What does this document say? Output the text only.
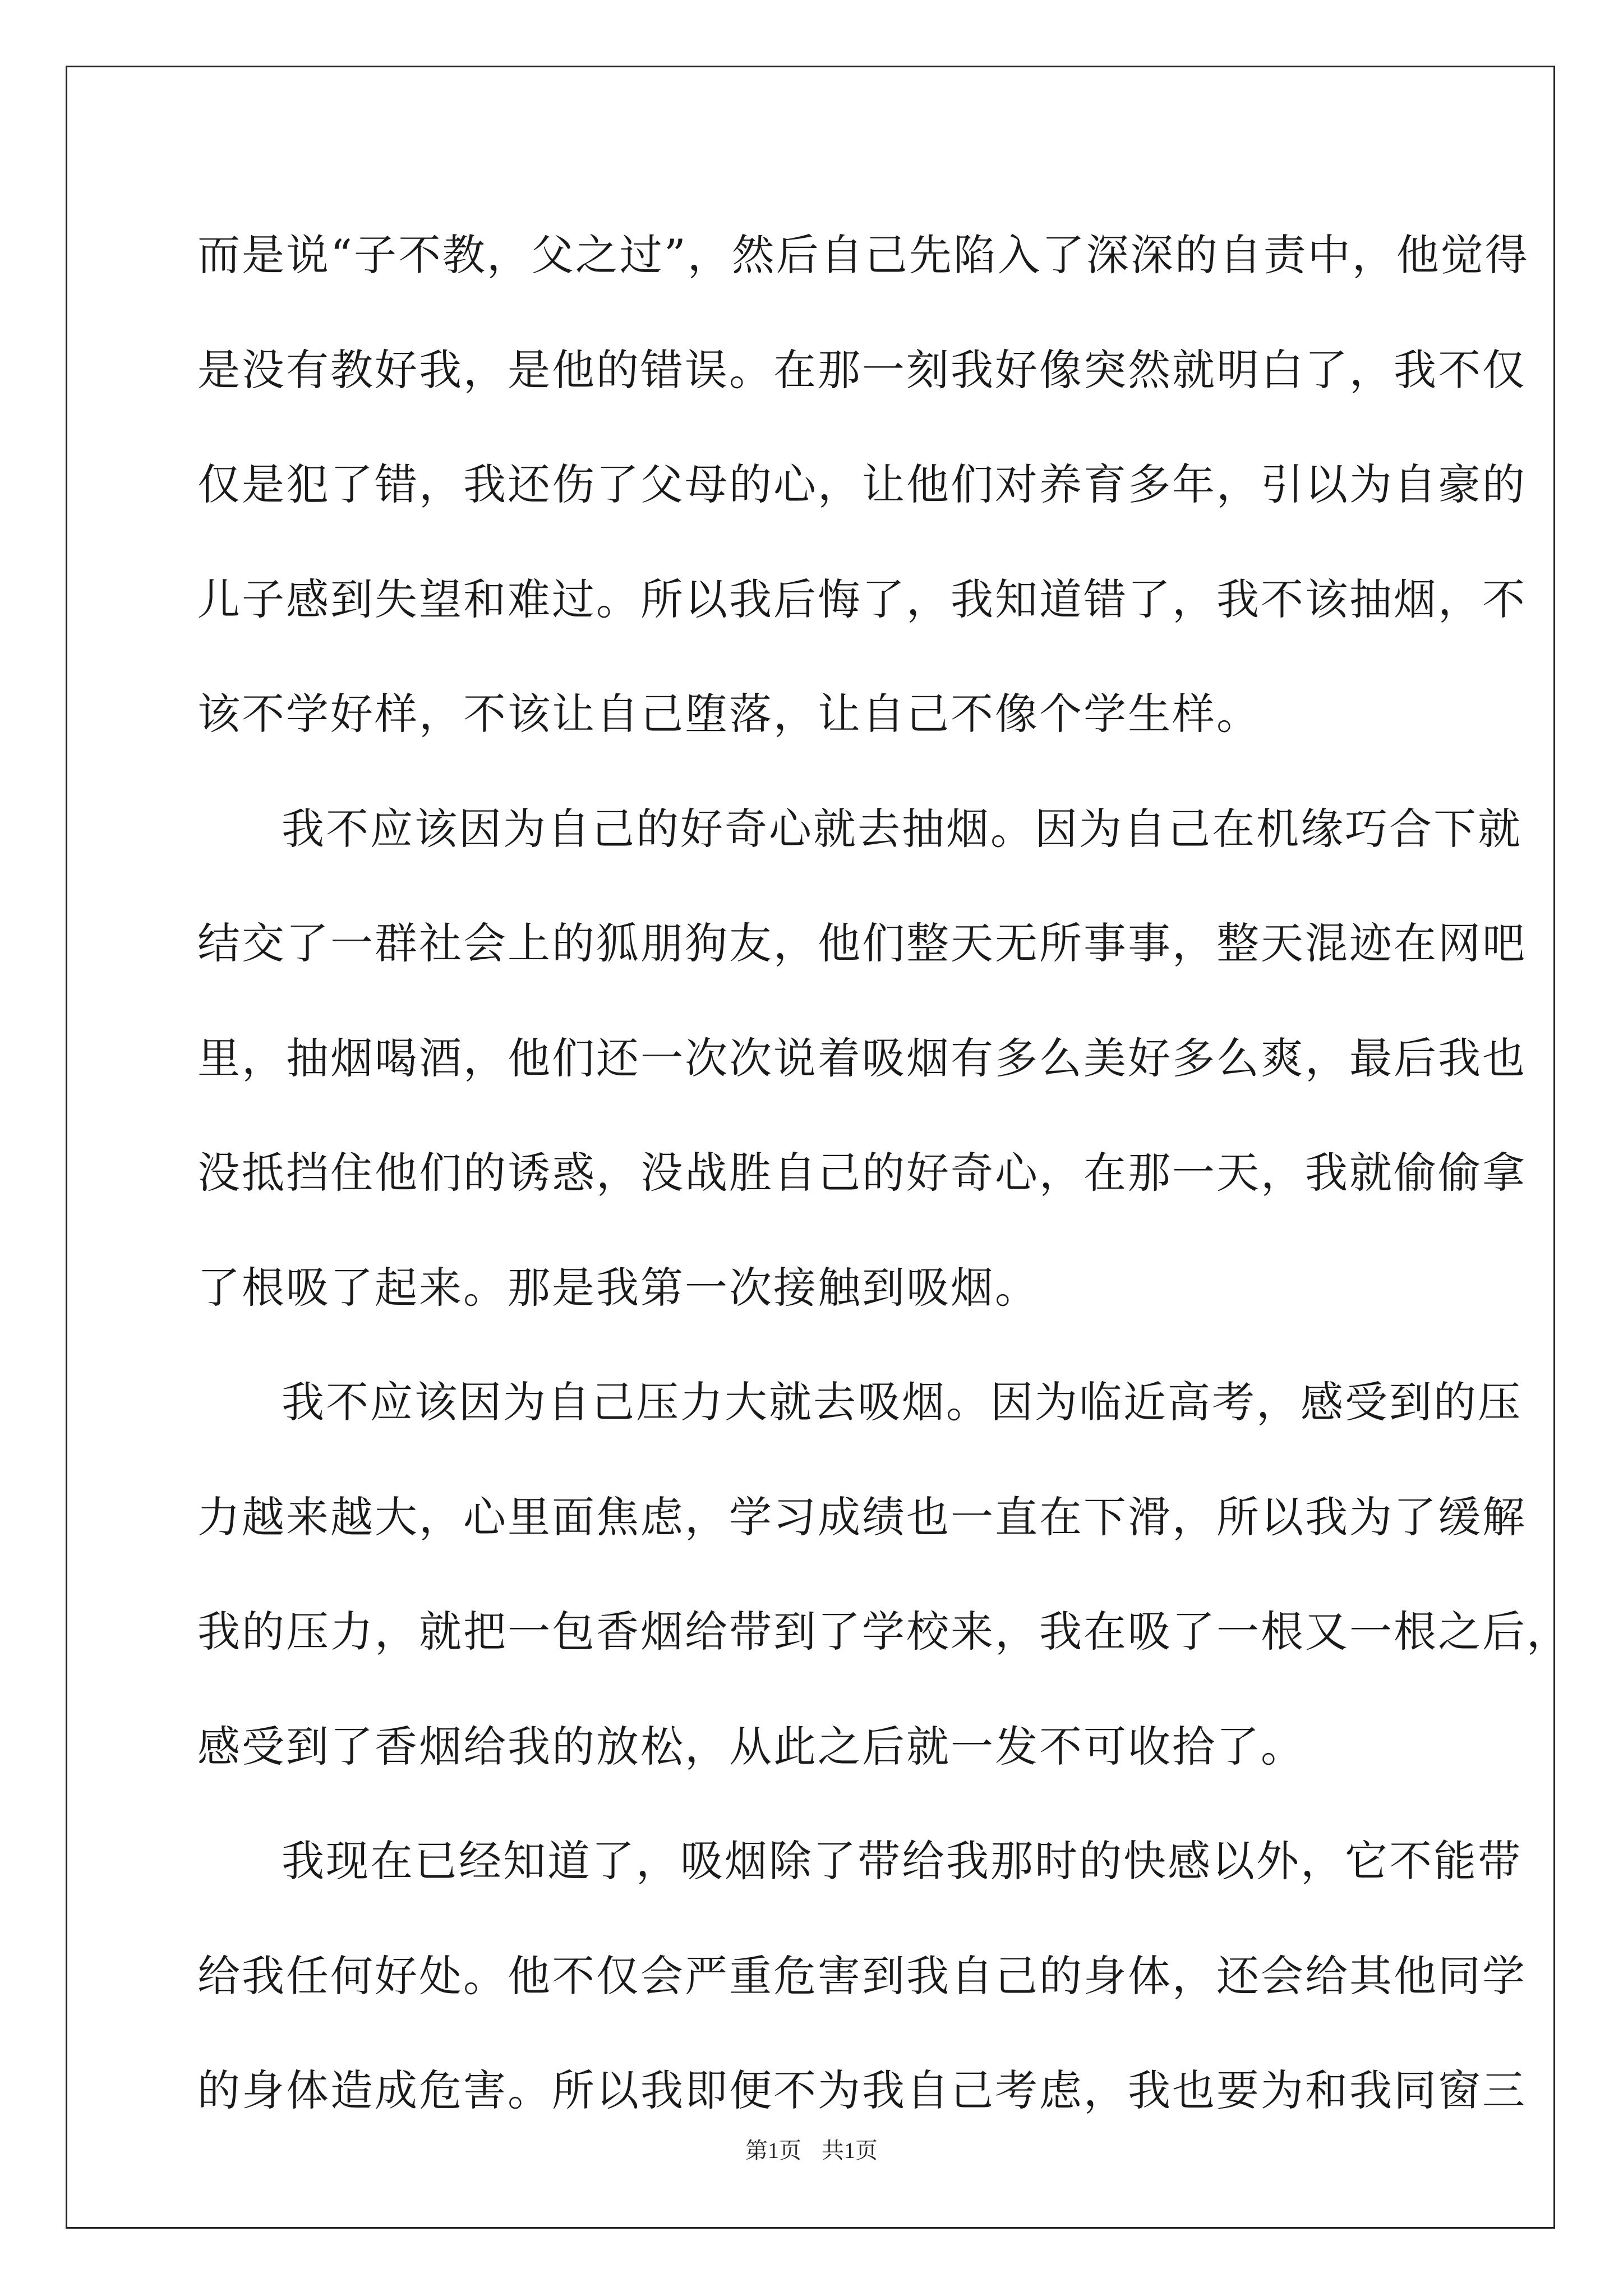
而是说“子不教，父之过”，然后自己先陷入了深深的自责中，他觉得
是没有教好我，是他的错误。在那一刻我好像突然就明白了，我不仅
仅是犯了错，我还伤了父母的心，让他们对养育多年，引以为自豪的
儿子感到失望和难过。所以我后悔了，我知道错了，我不该抽烟，不
该不学好样，不该让自己堕落，让自己不像个学生样。
我不应该因为自己的好奇心就去抽烟。因为自己在机缘巧合下就
结交了一群社会上的狐朋狗友，他们整天无所事事，整天混迹在网吧
里，抽烟喝酒，他们还一次次说着吸烟有多么美好多么爽，最后我也
没抵挡住他们的诱惑，没战胜自己的好奇心，在那一天，我就偷偷拿
了根吸了起来。那是我第一次接触到吸烟。
我不应该因为自己压力大就去吸烟。因为临近高考，感受到的压
力越来越大，心里面焦虑，学习成绩也一直在下滑，所以我为了缓解
我的压力，就把一包香烟给带到了学校来，我在吸了一根又一根之后，
感受到了香烟给我的放松，从此之后就一发不可收拾了。
我现在已经知道了，吸烟除了带给我那时的快感以外，它不能带
给我任何好处。他不仅会严重危害到我自己的身体，还会给其他同学
的身体造成危害。所以我即便不为我自己考虑，我也要为和我同窗三
第1页 共1页
